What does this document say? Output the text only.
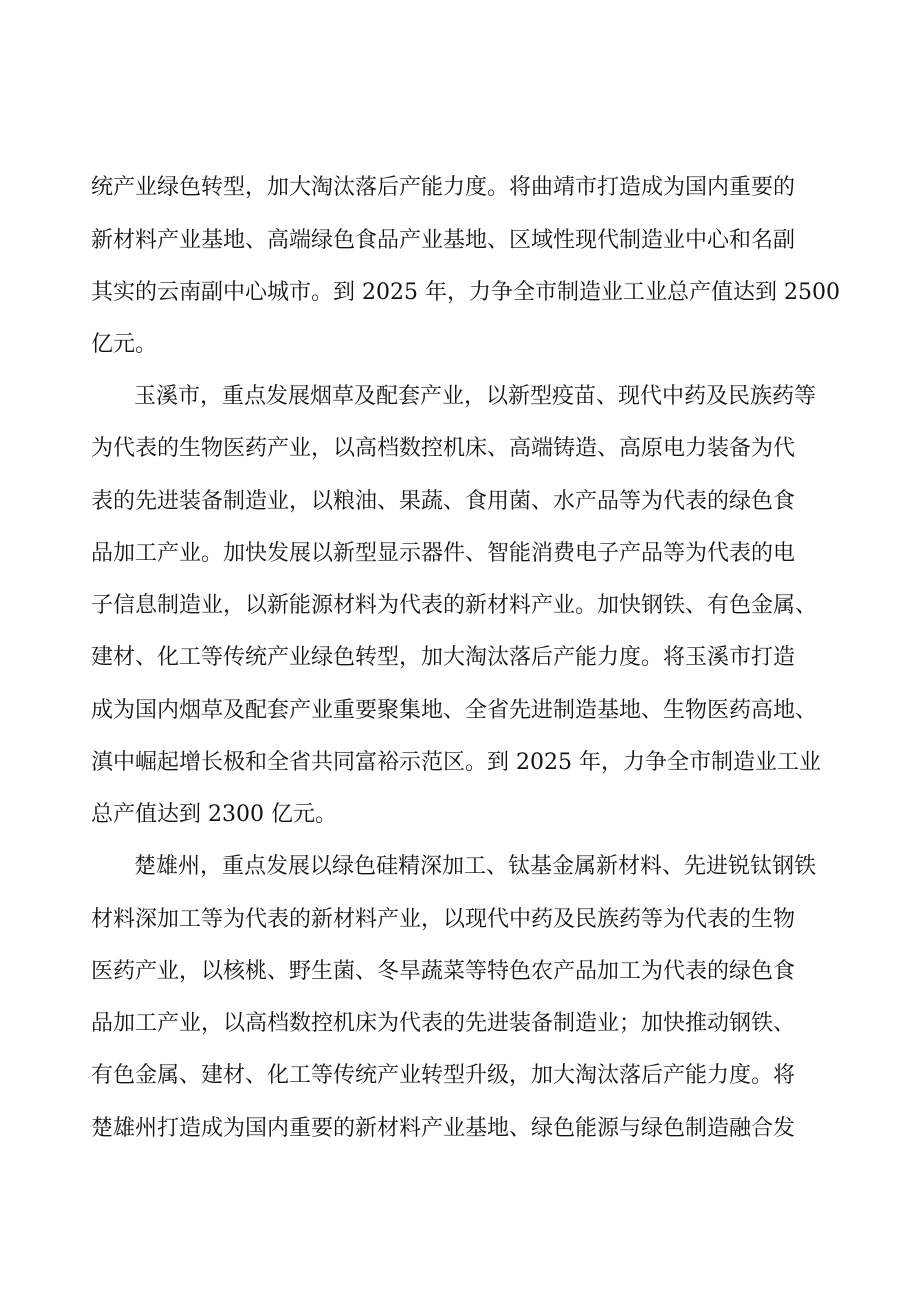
统产业绿色转型，加大淘汰落后产能力度。将曲靖市打造成为国内重要的
新材料产业基地、高端绿色食品产业基地、区域性现代制造业中心和名副
其实的云南副中心城市。到 2025 年，力争全市制造业工业总产值达到 2500
亿元。
玉溪市，重点发展烟草及配套产业，以新型疫苗、现代中药及民族药等
为代表的生物医药产业，以高档数控机床、高端铸造、高原电力装备为代
表的先进装备制造业，以粮油、果蔬、食用菌、水产品等为代表的绿色食
品加工产业。加快发展以新型显示器件、智能消费电子产品等为代表的电
子信息制造业，以新能源材料为代表的新材料产业。加快钢铁、有色金属、
建材、化工等传统产业绿色转型，加大淘汰落后产能力度。将玉溪市打造
成为国内烟草及配套产业重要聚集地、全省先进制造基地、生物医药高地、
滇中崛起增长极和全省共同富裕示范区。到 2025 年，力争全市制造业工业
总产值达到 2300 亿元。
楚雄州，重点发展以绿色硅精深加工、钛基金属新材料、先进锐钛钢铁
材料深加工等为代表的新材料产业，以现代中药及民族药等为代表的生物
医药产业，以核桃、野生菌、冬旱蔬菜等特色农产品加工为代表的绿色食
品加工产业，以高档数控机床为代表的先进装备制造业；加快推动钢铁、
有色金属、建材、化工等传统产业转型升级，加大淘汰落后产能力度。将
楚雄州打造成为国内重要的新材料产业基地、绿色能源与绿色制造融合发
